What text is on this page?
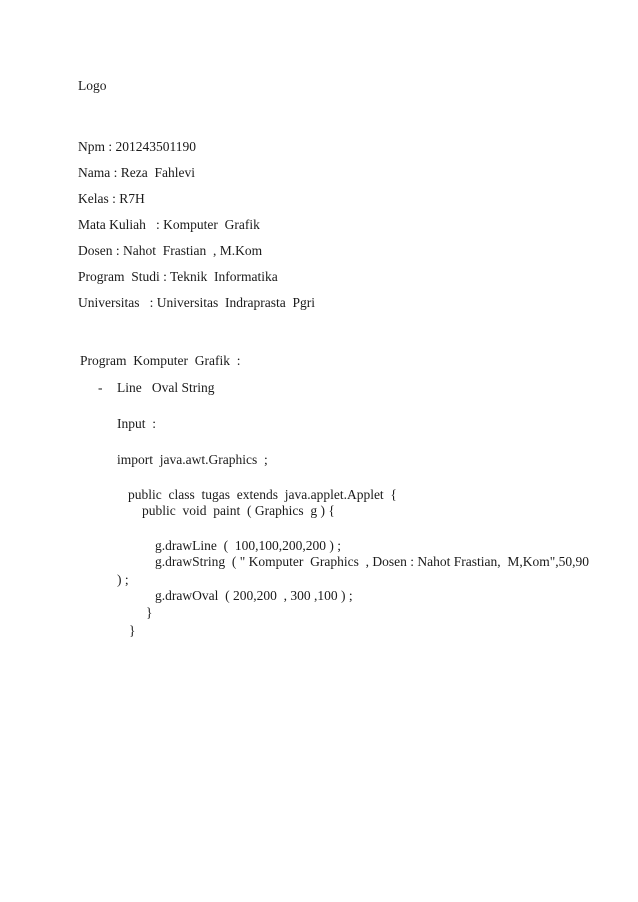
Logo
Npm : 201243501190
Nama : Reza  Fahlevi
Kelas : R7H
Mata Kuliah   : Komputer  Grafik
Dosen : Nahot  Frastian  , M.Kom
Program  Studi : Teknik  Informatika
Universitas   : Universitas  Indraprasta  Pgri
Program  Komputer  Grafik  :
- Line   Oval String
Input  :
import  java.awt.Graphics  ;
public  class  tugas  extends  java.applet.Applet  {
public  void  paint  ( Graphics  g ) {
g.drawLine  (  100,100,200,200 ) ;
g.drawString  ( " Komputer  Graphics  , Dosen : Nahot Frastian,  M,Kom",50,90
) ;
g.drawOval  ( 200,200  , 300 ,100 ) ;
}
}
